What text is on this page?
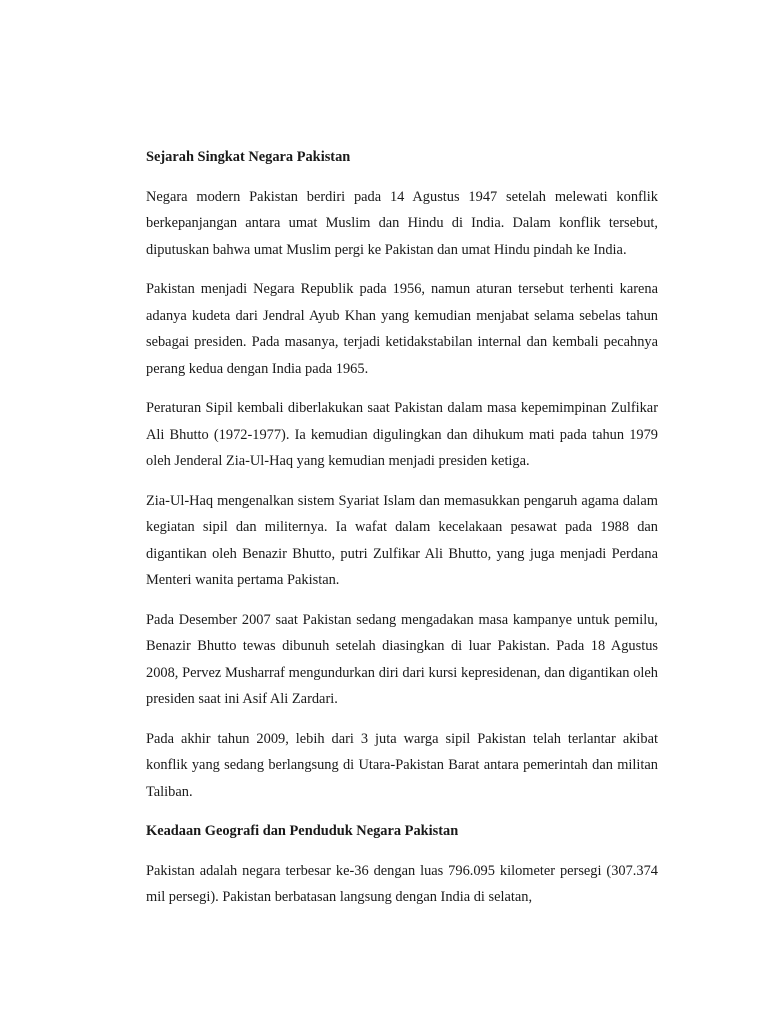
Sejarah Singkat Negara Pakistan

Negara modern Pakistan berdiri pada 14 Agustus 1947 setelah melewati konflik berkepanjangan antara umat Muslim dan Hindu di India. Dalam konflik tersebut, diputuskan bahwa umat Muslim pergi ke Pakistan dan umat Hindu pindah ke India.

Pakistan menjadi Negara Republik pada 1956, namun aturan tersebut terhenti karena adanya kudeta dari Jendral Ayub Khan yang kemudian menjabat selama sebelas tahun sebagai presiden. Pada masanya, terjadi ketidakstabilan internal dan kembali pecahnya perang kedua dengan India pada 1965.

Peraturan Sipil kembali diberlakukan saat Pakistan dalam masa kepemimpinan Zulfikar Ali Bhutto (1972-1977). Ia kemudian digulingkan dan dihukum mati pada tahun 1979 oleh Jenderal Zia-Ul-Haq yang kemudian menjadi presiden ketiga.

Zia-Ul-Haq mengenalkan sistem Syariat Islam dan memasukkan pengaruh agama dalam kegiatan sipil dan militernya. Ia wafat dalam kecelakaan pesawat pada 1988 dan digantikan oleh Benazir Bhutto, putri Zulfikar Ali Bhutto, yang juga menjadi Perdana Menteri wanita pertama Pakistan.

Pada Desember 2007 saat Pakistan sedang mengadakan masa kampanye untuk pemilu, Benazir Bhutto tewas dibunuh setelah diasingkan di luar Pakistan. Pada 18 Agustus 2008, Pervez Musharraf mengundurkan diri dari kursi kepresidenan, dan digantikan oleh presiden saat ini Asif Ali Zardari.

Pada akhir tahun 2009, lebih dari 3 juta warga sipil Pakistan telah terlantar akibat konflik yang sedang berlangsung di Utara-Pakistan Barat antara pemerintah dan militan Taliban.

Keadaan Geografi dan Penduduk Negara Pakistan

Pakistan adalah negara terbesar ke-36 dengan luas 796.095 kilometer persegi (307.374 mil persegi). Pakistan berbatasan langsung dengan India di selatan,
